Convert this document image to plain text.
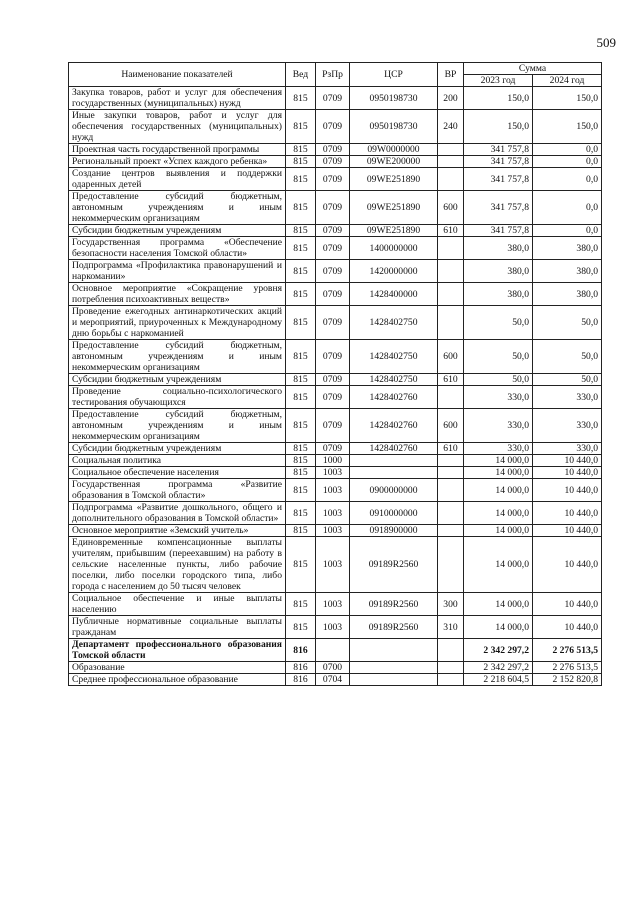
509
Наименование показателей	Вед	РзПр	ЦСР	ВР	Сумма	
					2023 год	2024 год
Закупка товаров, работ и услуг для обеспечения государственных (муниципальных) нужд	815	0709	0950198730	200	150,0	150,0
Иные закупки товаров, работ и услуг для обеспечения государственных (муниципальных) нужд	815	0709	0950198730	240	150,0	150,0
Проектная часть государственной программы	815	0709	09W0000000		341 757,8	0,0
Региональный проект «Успех каждого ребенка»	815	0709	09WE200000		341 757,8	0,0
Создание центров выявления и поддержки одаренных детей	815	0709	09WE251890		341 757,8	0,0
Предоставление субсидий бюджетным, автономным учреждениям и иным некоммерческим организациям	815	0709	09WE251890	600	341 757,8	0,0
Субсидии бюджетным учреждениям	815	0709	09WE251890	610	341 757,8	0,0
Государственная программа «Обеспечение безопасности населения Томской области»	815	0709	1400000000		380,0	380,0
Подпрограмма «Профилактика правонарушений и наркомании»	815	0709	1420000000		380,0	380,0
Основное мероприятие «Сокращение уровня потребления психоактивных веществ»	815	0709	1428400000		380,0	380,0
Проведение ежегодных антинаркотических акций и мероприятий, приуроченных к Международному дню борьбы с наркоманией	815	0709	1428402750		50,0	50,0
Предоставление субсидий бюджетным, автономным учреждениям и иным некоммерческим организациям	815	0709	1428402750	600	50,0	50,0
Субсидии бюджетным учреждениям	815	0709	1428402750	610	50,0	50,0
Проведение социально-психологического тестирования обучающихся	815	0709	1428402760		330,0	330,0
Предоставление субсидий бюджетным, автономным учреждениям и иным некоммерческим организациям	815	0709	1428402760	600	330,0	330,0
Субсидии бюджетным учреждениям	815	0709	1428402760	610	330,0	330,0
Социальная политика	815	1000			14 000,0	10 440,0
Социальное обеспечение населения	815	1003			14 000,0	10 440,0
Государственная программа «Развитие образования в Томской области»	815	1003	0900000000		14 000,0	10 440,0
Подпрограмма «Развитие дошкольного, общего и дополнительного образования в Томской области»	815	1003	0910000000		14 000,0	10 440,0
Основное мероприятие «Земский учитель»	815	1003	0918900000		14 000,0	10 440,0
Единовременные компенсационные выплаты учителям, прибывшим (переехавшим) на работу в сельские населенные пункты, либо рабочие поселки, либо поселки городского типа, либо города с населением до 50 тысяч человек	815	1003	09189R2560		14 000,0	10 440,0
Социальное обеспечение и иные выплаты населению	815	1003	09189R2560	300	14 000,0	10 440,0
Публичные нормативные социальные выплаты гражданам	815	1003	09189R2560	310	14 000,0	10 440,0
Департамент профессионального образования Томской области	816				2 342 297,2	2 276 513,5
Образование	816	0700			2 342 297,2	2 276 513,5
Среднее профессиональное образование	816	0704			2 218 604,5	2 152 820,8
